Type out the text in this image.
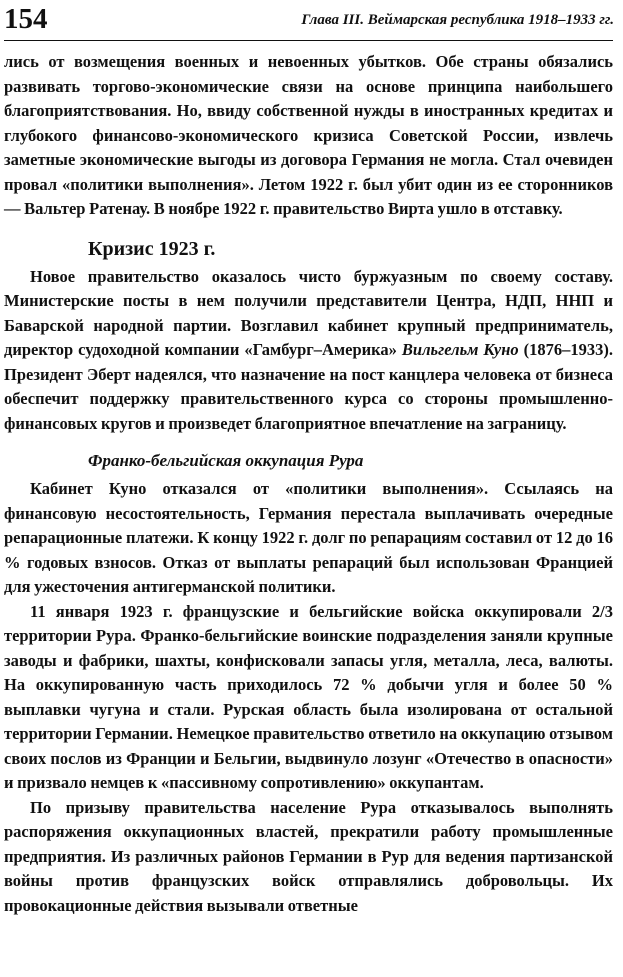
154	Глава III. Веймарская республика 1918–1933 гг.

лись от возмещения военных и невоенных убытков. Обе страны обязались развивать торгово-экономические связи на основе принципа наибольшего благоприятствования. Но, ввиду собственной нужды в иностранных кредитах и глубокого финансово-экономического кризиса Советской России, извлечь заметные экономические выгоды из договора Германия не могла. Стал очевиден провал «политики выполнения». Летом 1922 г. был убит один из ее сторонников — Вальтер Ратенау. В ноябре 1922 г. правительство Вирта ушло в отставку.

Кризис 1923 г.

Новое правительство оказалось чисто буржуазным по своему составу. Министерские посты в нем получили представители Центра, НДП, ННП и Баварской народной партии. Возглавил кабинет крупный предприниматель, директор судоходной компании «Гамбург–Америка» Вильгельм Куно (1876–1933). Президент Эберт надеялся, что назначение на пост канцлера человека от бизнеса обеспечит поддержку правительственного курса со стороны промышленно-финансовых кругов и произведет благоприятное впечатление на заграницу.

Франко-бельгийская оккупация Рура

Кабинет Куно отказался от «политики выполнения». Ссылаясь на финансовую несостоятельность, Германия перестала выплачивать очередные репарационные платежи. К концу 1922 г. долг по репарациям составил от 12 до 16 % годовых взносов. Отказ от выплаты репараций был использован Францией для ужесточения антигерманской политики.

11 января 1923 г. французские и бельгийские войска оккупировали 2/3 территории Рура. Франко-бельгийские воинские подразделения заняли крупные заводы и фабрики, шахты, конфисковали запасы угля, металла, леса, валюты. На оккупированную часть приходилось 72 % добычи угля и более 50 % выплавки чугуна и стали. Рурская область была изолирована от остальной территории Германии. Немецкое правительство ответило на оккупацию отзывом своих послов из Франции и Бельгии, выдвинуло лозунг «Отечество в опасности» и призвало немцев к «пассивному сопротивлению» оккупантам.

По призыву правительства население Рура отказывалось выполнять распоряжения оккупационных властей, прекратили работу промышленные предприятия. Из различных районов Германии в Рур для ведения партизанской войны против французских войск отправлялись добровольцы. Их провокационные действия вызывали ответные
